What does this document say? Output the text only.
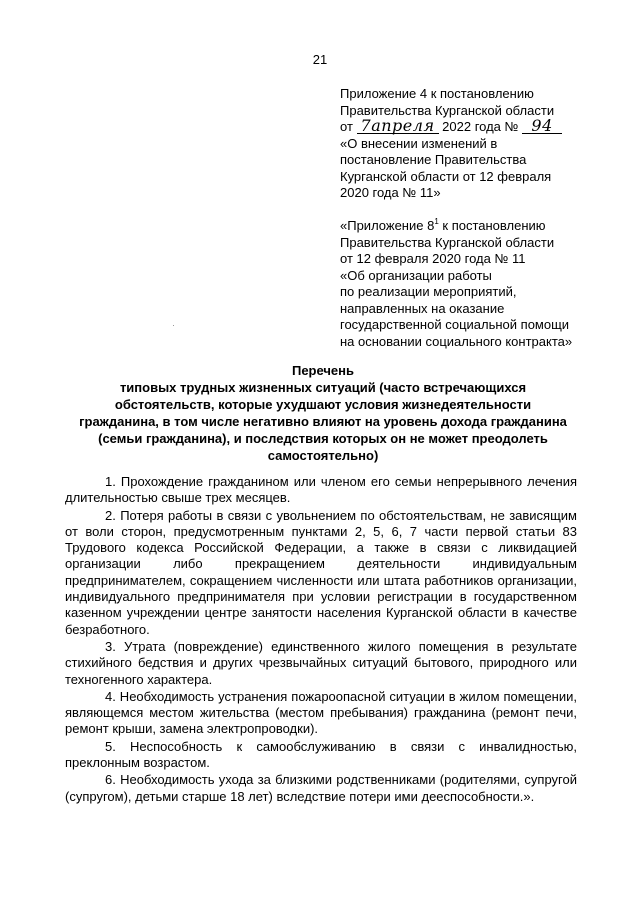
21
Приложение 4 к постановлению
Правительства Курганской области
от 7апреля 2022 года № 94
«О внесении изменений в
постановление Правительства
Курганской области от 12 февраля
2020 года № 11»
«Приложение $8^1$ к постановлению
Правительства Курганской области
от 12 февраля 2020 года № 11
«Об организации работы
по реализации мероприятий,
направленных на оказание
государственной социальной помощи
на основании социального контракта»
Перечень
типовых трудных жизненных ситуаций (часто встречающихся
обстоятельств, которые ухудшают условия жизнедеятельности
гражданина, в том числе негативно влияют на уровень дохода гражданина
(семьи гражданина), и последствия которых он не может преодолеть
самостоятельно)

1. Прохождение гражданином или членом его семьи непрерывного лечения длительностью свыше трех месяцев.

2. Потеря работы в связи с увольнением по обстоятельствам, не зависящим от воли сторон, предусмотренным пунктами 2, 5, 6, 7 части первой статьи 83 Трудового кодекса Российской Федерации, а также в связи с ликвидацией организации либо прекращением деятельности индивидуальным предпринимателем, сокращением численности или штата работников организации, индивидуального предпринимателя при условии регистрации в государственном казенном учреждении центре занятости населения Курганской области в качестве безработного.

3. Утрата (повреждение) единственного жилого помещения в результате стихийного бедствия и других чрезвычайных ситуаций бытового, природного или техногенного характера.

4. Необходимость устранения пожароопасной ситуации в жилом помещении, являющемся местом жительства (местом пребывания) гражданина (ремонт печи, ремонт крыши, замена электропроводки).

5. Неспособность к самообслуживанию в связи с инвалидностью, преклонным возрастом.

6. Необходимость ухода за близкими родственниками (родителями, супругой (супругом), детьми старше 18 лет) вследствие потери ими дееспособности.».
